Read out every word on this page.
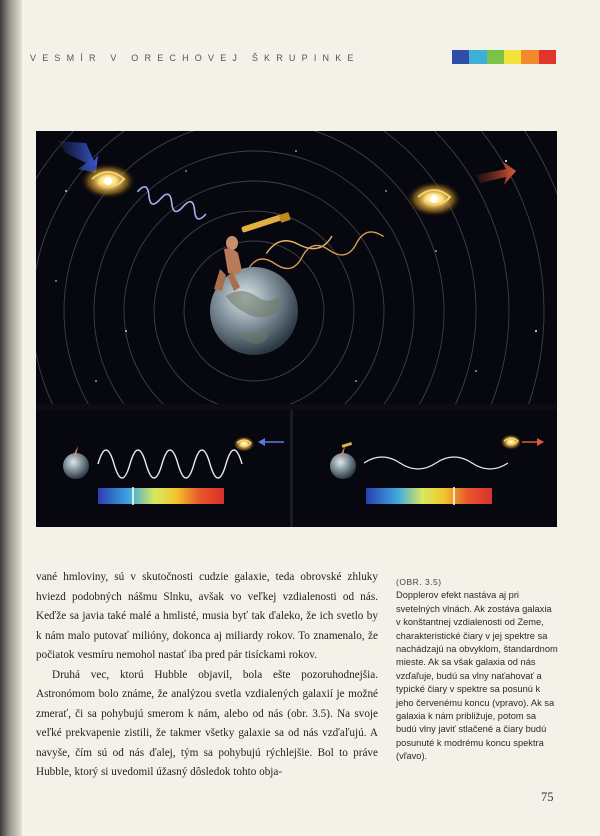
VESMÍR V ORECHOVEJ ŠKRUPINKE

vané hmloviny, sú v skutočnosti cudzie galaxie, teda obrovské zhluky hviezd podobných nášmu Slnku, avšak vo veľkej vzdialenosti od nás. Keďže sa javia také malé a hmlisté, musia byť tak ďaleko, že ich svetlo by k nám malo putovať milióny, dokonca aj miliardy rokov. To znamenalo, že počiatok vesmíru nemohol nastať iba pred pár tisíckami rokov.

Druhá vec, ktorú Hubble objavil, bola ešte pozoruhodnejšia. Astronómom bolo známe, že analýzou svetla vzdialených galaxií je možné zmerať, či sa pohybujú smerom k nám, alebo od nás (obr. 3.5). Na svoje veľké prekvapenie zistili, že takmer všetky galaxie sa od nás vzďaľujú. A navyše, čím sú od nás ďalej, tým sa pohybujú rýchlejšie. Bol to práve Hubble, ktorý si uvedomil úžasný dôsledok tohto obja-

(OBR. 3.5)

Dopplerov efekt nastáva aj pri svetelných vlnách. Ak zostáva galaxia v konštantnej vzdialenosti od Zeme, charakteristické čiary v jej spektre sa nachádzajú na obvyklom, štandardnom mieste. Ak sa však galaxia od nás vzďaľuje, budú sa vlny naťahovať a typické čiary v spektre sa posunú k jeho červenému koncu (vpravo). Ak sa galaxia k nám približuje, potom sa budú vlny javiť stlačené a čiary budú posunuté k modrému koncu spektra (vľavo).

75
